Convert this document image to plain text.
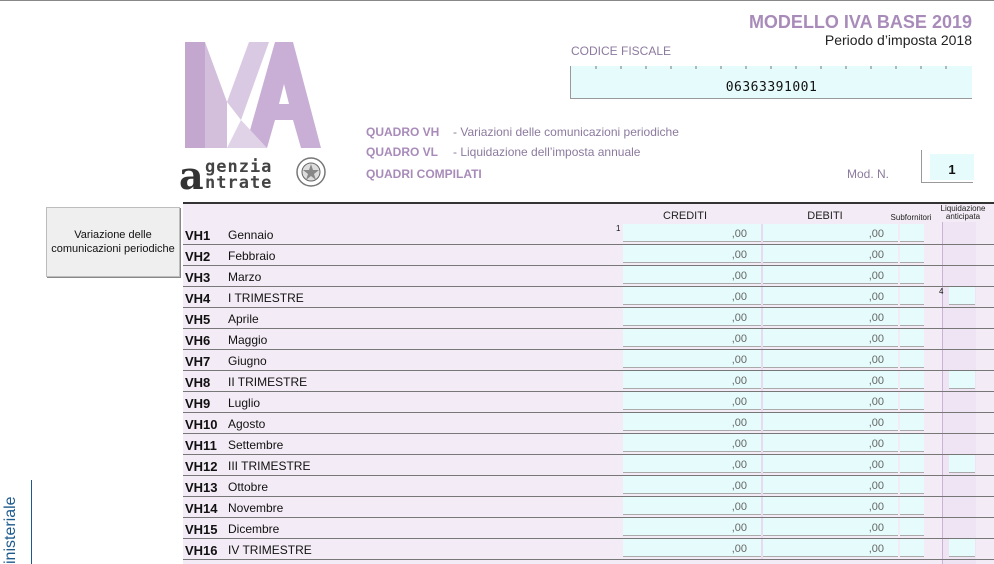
a genzia
ntrate
MODELLO IVA BASE 2019
Periodo d’imposta 2018
CODICE FISCALE
06363391001
QUADRO VH - Variazioni delle comunicazioni periodiche
QUADRO VL - Liquidazione dell’imposta annuale
QUADRI COMPILATI	Mod. N.	1
Variazione delle comunicazioni periodiche
inisteriale
CREDITI	DEBITI	Subfornitori
Liquidazione anticipata
1
4
VH1 Gennaio	,00	,00
VH2 Febbraio	,00	,00
VH3 Marzo	,00	,00
VH4 I TRIMESTRE	,00	,00
VH5 Aprile	,00	,00
VH6 Maggio	,00	,00
VH7 Giugno	,00	,00
VH8 II TRIMESTRE	,00	,00
VH9 Luglio	,00	,00
VH10 Agosto	,00	,00
VH11 Settembre	,00	,00
VH12 III TRIMESTRE	,00	,00
VH13 Ottobre	,00	,00
VH14 Novembre	,00	,00
VH15 Dicembre	,00	,00
VH16 IV TRIMESTRE	,00	,00
